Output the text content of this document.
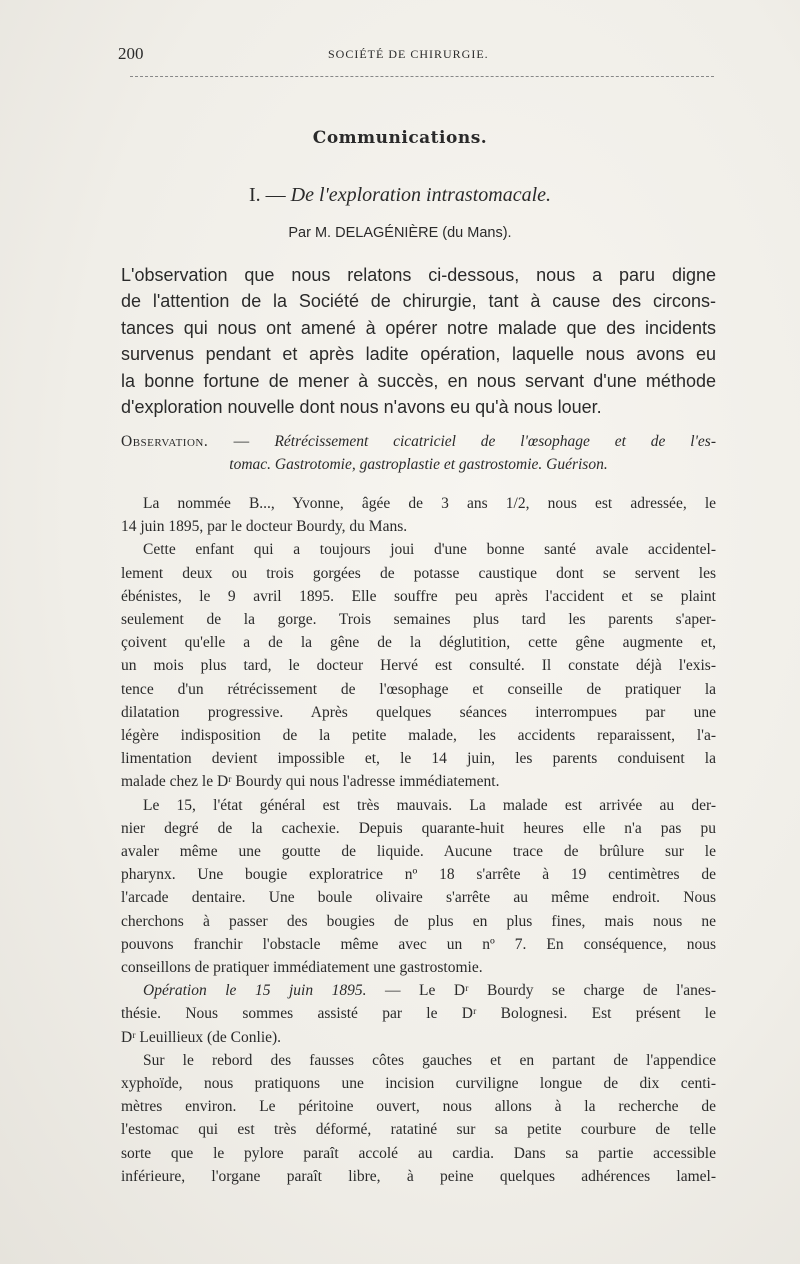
200	SOCIÉTÉ DE CHIRURGIE.
Communications.
I. — De l'exploration intrastomacale.
Par M. DELAGÉNIÈRE (du Mans).
L'observation que nous relatons ci-dessous, nous a paru digne
de l'attention de la Société de chirurgie, tant à cause des circons-
tances qui nous ont amené à opérer notre malade que des incidents
survenus pendant et après ladite opération, laquelle nous avons eu
la bonne fortune de mener à succès, en nous servant d'une méthode
d'exploration nouvelle dont nous n'avons eu qu'à nous louer.
Observation. — Rétrécissement cicatriciel de l'œsophage et de l'es-
tomac. Gastrotomie, gastroplastie et gastrostomie. Guérison.
La nommée B..., Yvonne, âgée de 3 ans 1/2, nous est adressée, le
14 juin 1895, par le docteur Bourdy, du Mans.
Cette enfant qui a toujours joui d'une bonne santé avale accidentel-
lement deux ou trois gorgées de potasse caustique dont se servent les
ébénistes, le 9 avril 1895. Elle souffre peu après l'accident et se plaint
seulement de la gorge. Trois semaines plus tard les parents s'aper-
çoivent qu'elle a de la gêne de la déglutition, cette gêne augmente et,
un mois plus tard, le docteur Hervé est consulté. Il constate déjà l'exis-
tence d'un rétrécissement de l'œsophage et conseille de pratiquer la
dilatation progressive. Après quelques séances interrompues par une
légère indisposition de la petite malade, les accidents reparaissent, l'a-
limentation devient impossible et, le 14 juin, les parents conduisent la
malade chez le Dʳ Bourdy qui nous l'adresse immédiatement.
Le 15, l'état général est très mauvais. La malade est arrivée au der-
nier degré de la cachexie. Depuis quarante-huit heures elle n'a pas pu
avaler même une goutte de liquide. Aucune trace de brûlure sur le
pharynx. Une bougie exploratrice nº 18 s'arrête à 19 centimètres de
l'arcade dentaire. Une boule olivaire s'arrête au même endroit. Nous
cherchons à passer des bougies de plus en plus fines, mais nous ne
pouvons franchir l'obstacle même avec un nº 7. En conséquence, nous
conseillons de pratiquer immédiatement une gastrostomie.
Opération le 15 juin 1895. — Le Dʳ Bourdy se charge de l'anes-
thésie. Nous sommes assisté par le Dʳ Bolognesi. Est présent le
Dʳ Leuillieux (de Conlie).
Sur le rebord des fausses côtes gauches et en partant de l'appendice
xyphoïde, nous pratiquons une incision curviligne longue de dix centi-
mètres environ. Le péritoine ouvert, nous allons à la recherche de
l'estomac qui est très déformé, ratatiné sur sa petite courbure de telle
sorte que le pylore paraît accolé au cardia. Dans sa partie accessible
inférieure, l'organe paraît libre, à peine quelques adhérences lamel-
